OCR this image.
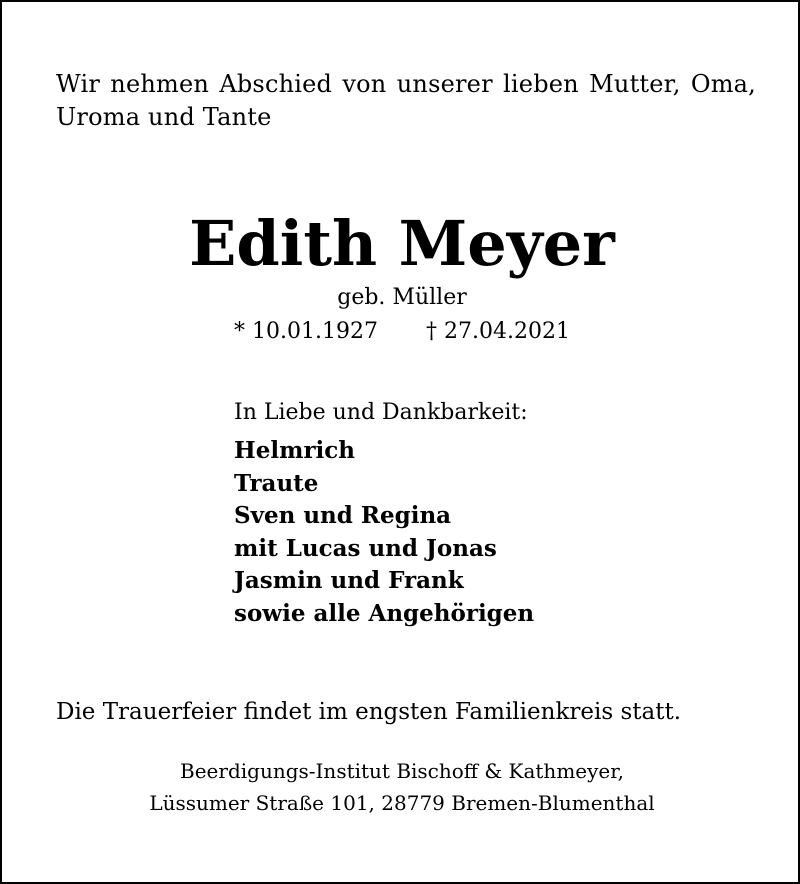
Wir nehmen Abschied von unserer lieben Mutter, Oma, Uroma und Tante
Edith Meyer
geb. Müller
* 10.01.1927 † 27.04.2021
In Liebe und Dankbarkeit:
Helmrich
Traute
Sven und Regina
mit Lucas und Jonas
Jasmin und Frank
sowie alle Angehörigen
Die Trauerfeier findet im engsten Familienkreis statt.
Beerdigungs-Institut Bischoff & Kathmeyer,
Lüssumer Straße 101, 28779 Bremen-Blumenthal
